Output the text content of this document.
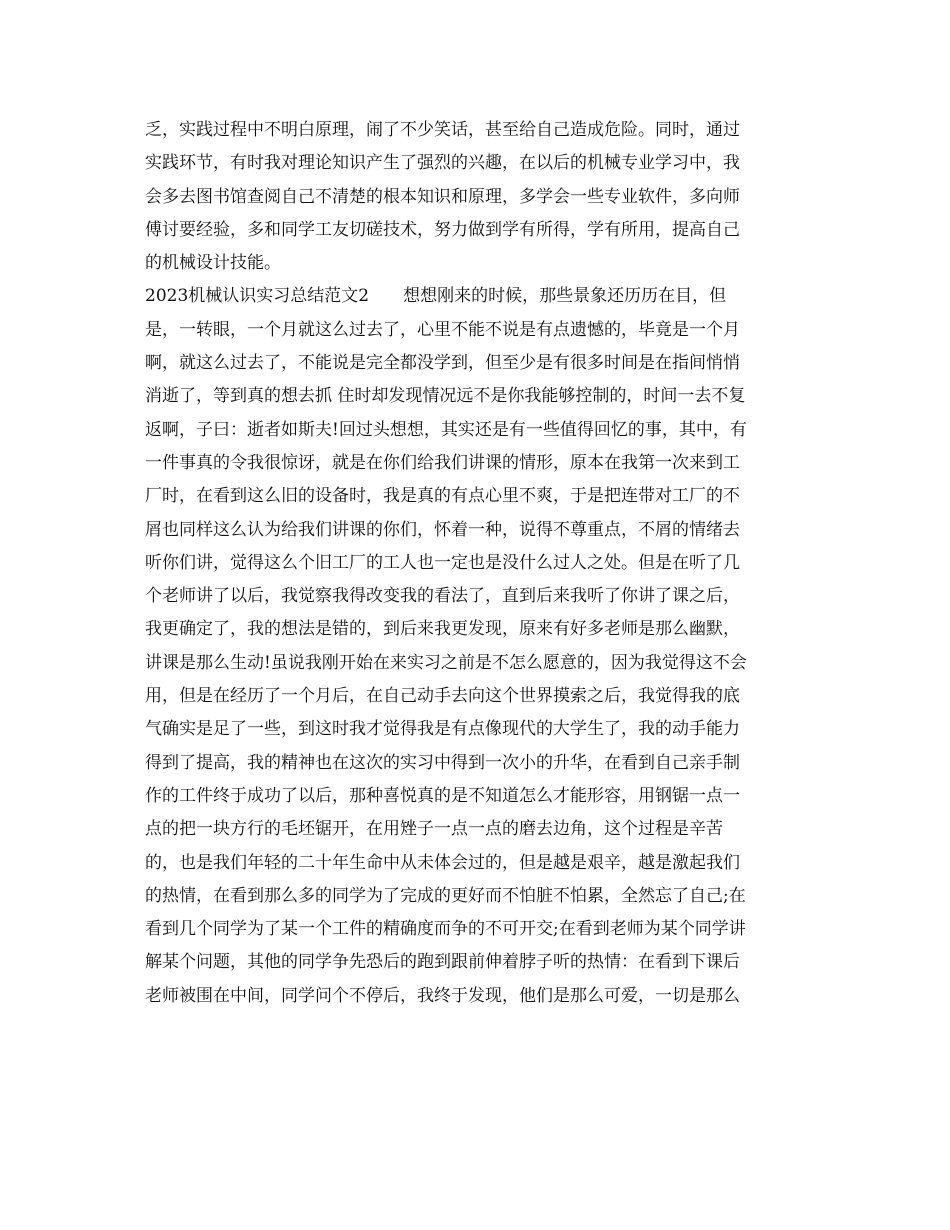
乏，实践过程中不明白原理，闹了不少笑话，甚至给自己造成危险。同时，通过
实践环节，有时我对理论知识产生了强烈的兴趣，在以后的机械专业学习中，我
会多去图书馆查阅自己不清楚的根本知识和原理，多学会一些专业软件，多向师
傅讨要经验，多和同学工友切磋技术，努力做到学有所得，学有所用，提高自己
的机械设计技能。
2023机械认识实习总结范文2　　想想刚来的时候，那些景象还历历在目，但
是，一转眼，一个月就这么过去了，心里不能不说是有点遗憾的，毕竟是一个月
啊，就这么过去了，不能说是完全都没学到，但至少是有很多时间是在指间悄悄
消逝了，等到真的想去抓 住时却发现情况远不是你我能够控制的，时间一去不复
返啊，子曰：逝者如斯夫!回过头想想，其实还是有一些值得回忆的事，其中，有
一件事真的令我很惊讶，就是在你们给我们讲课的情形，原本在我第一次来到工
厂时，在看到这么旧的设备时，我是真的有点心里不爽，于是把连带对工厂的不
屑也同样这么认为给我们讲课的你们，怀着一种，说得不尊重点，不屑的情绪去
听你们讲，觉得这么个旧工厂的工人也一定也是没什么过人之处。但是在听了几
个老师讲了以后，我觉察我得改变我的看法了，直到后来我听了你讲了课之后，
我更确定了，我的想法是错的，到后来我更发现，原来有好多老师是那么幽默，
讲课是那么生动!虽说我刚开始在来实习之前是不怎么愿意的，因为我觉得这不会
用，但是在经历了一个月后，在自己动手去向这个世界摸索之后，我觉得我的底
气确实是足了一些，到这时我才觉得我是有点像现代的大学生了，我的动手能力
得到了提高，我的精神也在这次的实习中得到一次小的升华，在看到自己亲手制
作的工件终于成功了以后，那种喜悦真的是不知道怎么才能形容，用钢锯一点一
点的把一块方行的毛坯锯开，在用矬子一点一点的磨去边角，这个过程是辛苦
的，也是我们年轻的二十年生命中从未体会过的，但是越是艰辛，越是激起我们
的热情，在看到那么多的同学为了完成的更好而不怕脏不怕累，全然忘了自己;在
看到几个同学为了某一个工件的精确度而争的不可开交;在看到老师为某个同学讲
解某个问题，其他的同学争先恐后的跑到跟前伸着脖子听的热情：在看到下课后
老师被围在中间，同学问个不停后，我终于发现，他们是那么可爱，一切是那么
